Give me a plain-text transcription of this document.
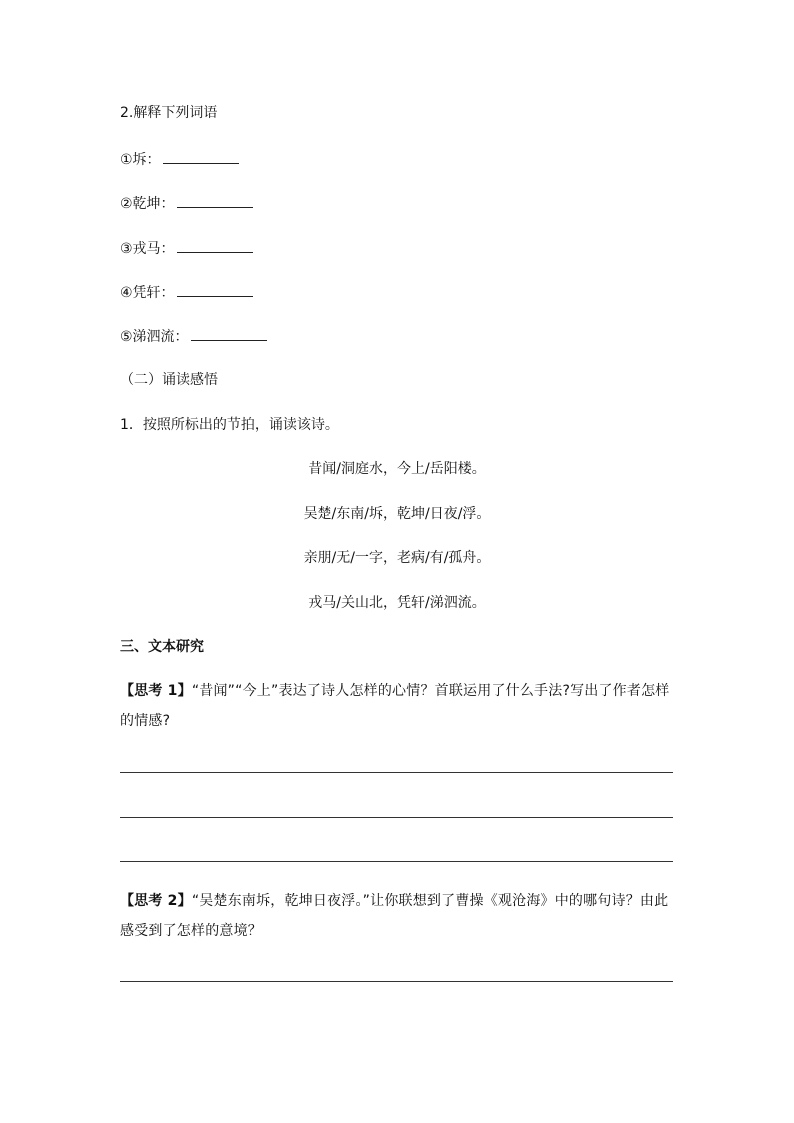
2.解释下列词语
①坼：
②乾坤：
③戎马：
④凭轩：
⑤涕泗流：
（二）诵读感悟
1．按照所标出的节拍，诵读该诗。
昔闻/洞庭水，今上/岳阳楼。
吴楚/东南/坼，乾坤/日夜/浮。
亲朋/无/一字，老病/有/孤舟。
戎马/关山北，凭轩/涕泗流。
三、文本研究
【思考 1】“昔闻”“今上”表达了诗人怎样的心情？首联运用了什么手法?写出了作者怎样的情感?
【思考 2】“吴楚东南坼，乾坤日夜浮。”让你联想到了曹操《观沧海》中的哪句诗？由此感受到了怎样的意境？
